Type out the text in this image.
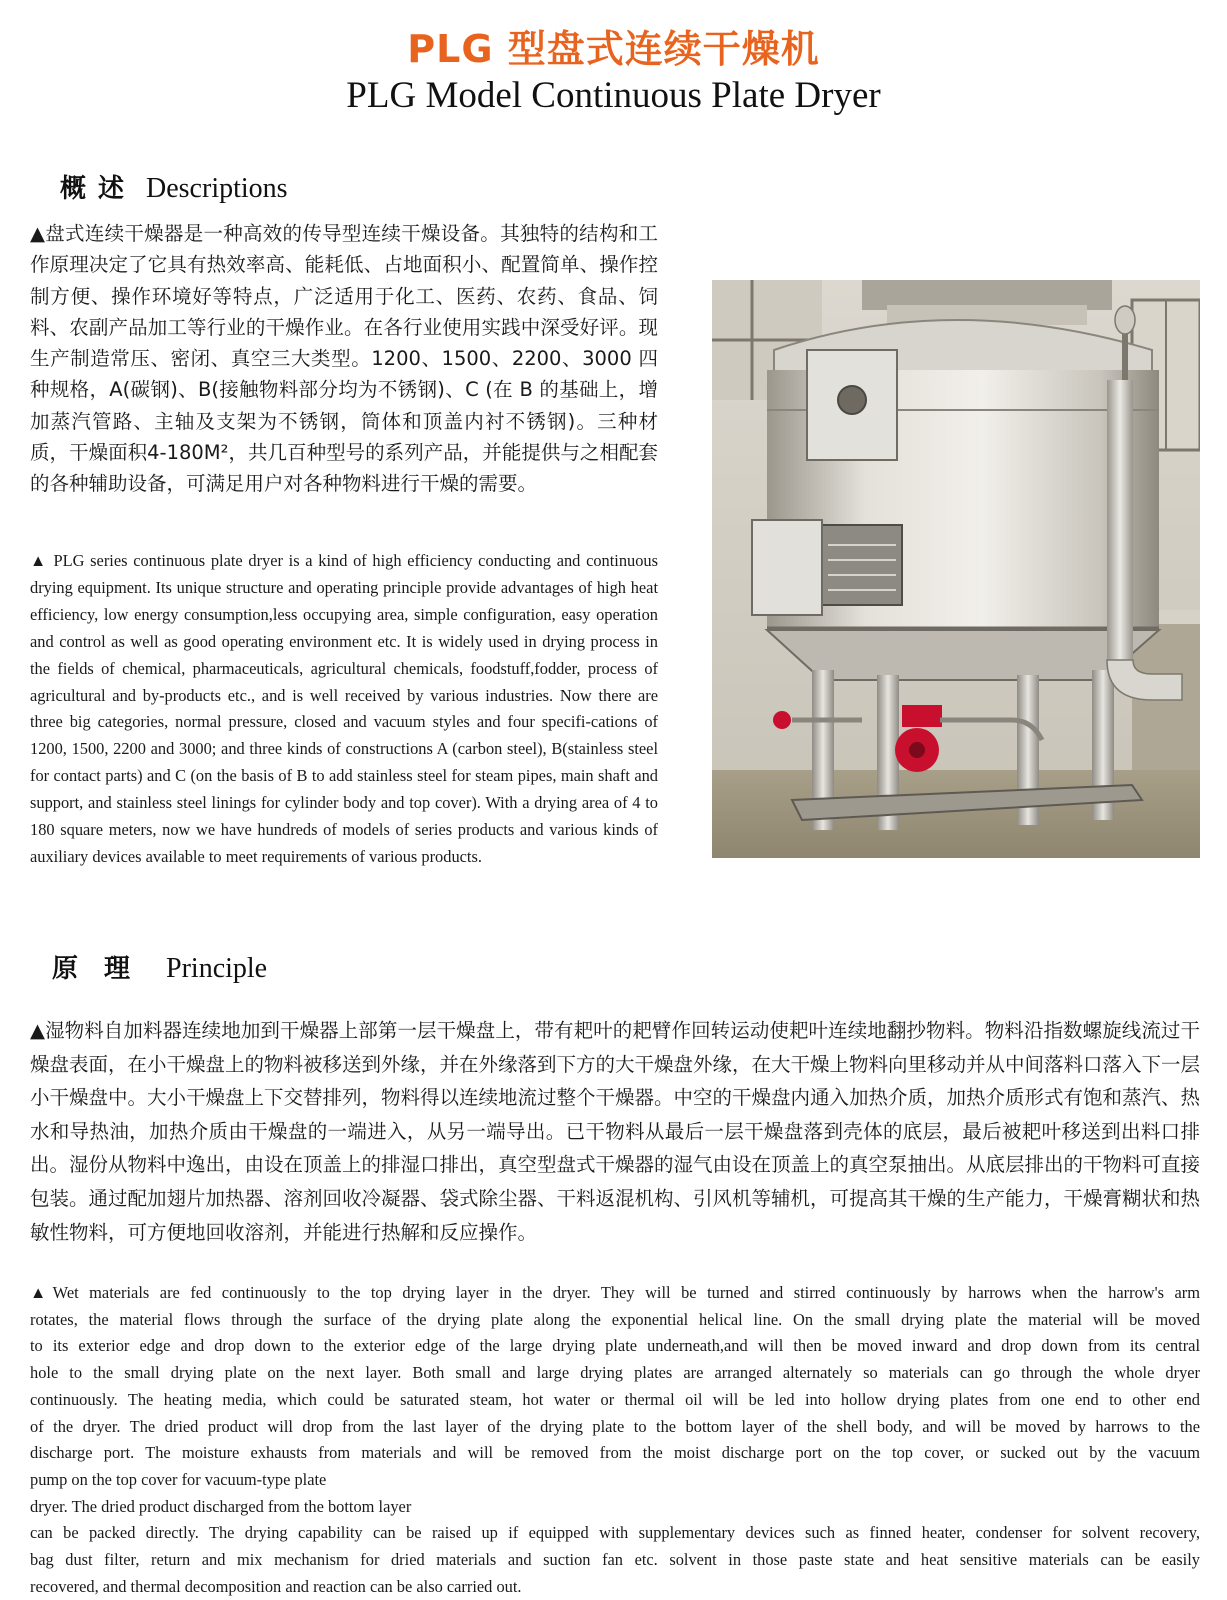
PLG 型盘式连续干燥机
PLG Model Continuous Plate Dryer
概述 Descriptions
▲盘式连续干燥器是一种高效的传导型连续干燥设备。其独特的结构和工作原理决定了它具有热效率高、能耗低、占地面积小、配置简单、操作控制方便、操作环境好等特点，广泛适用于化工、医药、农药、食品、饲料、农副产品加工等行业的干燥作业。在各行业使用实践中深受好评。现生产制造常压、密闭、真空三大类型。1200、1500、2200、3000 四种规格，A(碳钢)、B(接触物料部分均为不锈钢)、C (在 B 的基础上，增加蒸汽管路、主轴及支架为不锈钢，筒体和顶盖内衬不锈钢)。三种材质，干燥面积4-180M²，共几百种型号的系列产品，并能提供与之相配套的各种辅助设备，可满足用户对各种物料进行干燥的需要。
▲ PLG series continuous plate dryer is a kind of high efficiency conducting and continuous drying equipment. Its unique structure and operating principle provide advantages of high heat efficiency, low energy consumption,less occupying area, simple configuration, easy operation and control as well as good operating environment etc. It is widely used in drying process in the fields of chemical, pharmaceuticals, agricultural chemicals, foodstuff,fodder, process of agricultural and by-products etc., and is well received by various industries. Now there are three big categories, normal pressure, closed and vacuum styles and four specifi-cations of 1200, 1500, 2200 and 3000; and three kinds of constructions A (carbon steel), B(stainless steel for contact parts) and C (on the basis of B to add stainless steel for steam pipes, main shaft and support, and stainless steel linings for cylinder body and top cover). With a drying area of 4 to 180 square meters, now we have hundreds of models of series products and various kinds of auxiliary devices available to meet requirements of various products.
原理 Principle
▲湿物料自加料器连续地加到干燥器上部第一层干燥盘上，带有耙叶的耙臂作回转运动使耙叶连续地翻抄物料。物料沿指数螺旋线流过干燥盘表面，在小干燥盘上的物料被移送到外缘，并在外缘落到下方的大干燥盘外缘，在大干燥上物料向里移动并从中间落料口落入下一层小干燥盘中。大小干燥盘上下交替排列，物料得以连续地流过整个干燥器。中空的干燥盘内通入加热介质，加热介质形式有饱和蒸汽、热水和导热油，加热介质由干燥盘的一端进入，从另一端导出。已干物料从最后一层干燥盘落到壳体的底层，最后被耙叶移送到出料口排出。湿份从物料中逸出，由设在顶盖上的排湿口排出，真空型盘式干燥器的湿气由设在顶盖上的真空泵抽出。从底层排出的干物料可直接包装。通过配加翅片加热器、溶剂回收冷凝器、袋式除尘器、干料返混机构、引风机等辅机，可提高其干燥的生产能力，干燥膏糊状和热敏性物料，可方便地回收溶剂，并能进行热解和反应操作。
▲Wet materials are fed continuously to the top drying layer in the dryer. They will be turned and stirred continuously by harrows when the harrow's arm
rotates, the material flows through the surface of the drying plate along the exponential helical line. On the small drying plate the material will be moved
to its exterior edge and drop down to the exterior edge of the large drying plate underneath,and will then be moved inward and drop down from its central
hole to the small drying plate on the next layer. Both small and large drying plates are arranged alternately so materials can go through the whole dryer
continuously. The heating media, which could be saturated steam, hot water or thermal oil will be led into hollow drying plates from one end to other end
of the dryer. The dried product will drop from the last layer of the drying plate to the bottom layer of the shell body, and will be moved by harrows to the
discharge port. The moisture exhausts from materials and will be removed from the moist discharge port on the top cover, or sucked out by the vacuum
pump on the top cover for vacuum-type plate
dryer. The dried product discharged from the bottom layer
can be packed directly. The drying capability can be raised up if equipped with supplementary devices such as finned heater, condenser for solvent recovery,
bag dust filter, return and mix mechanism for dried materials and suction fan etc. solvent in those paste state and heat sensitive materials can be easily
recovered, and thermal decomposition and reaction can be also carried out.
